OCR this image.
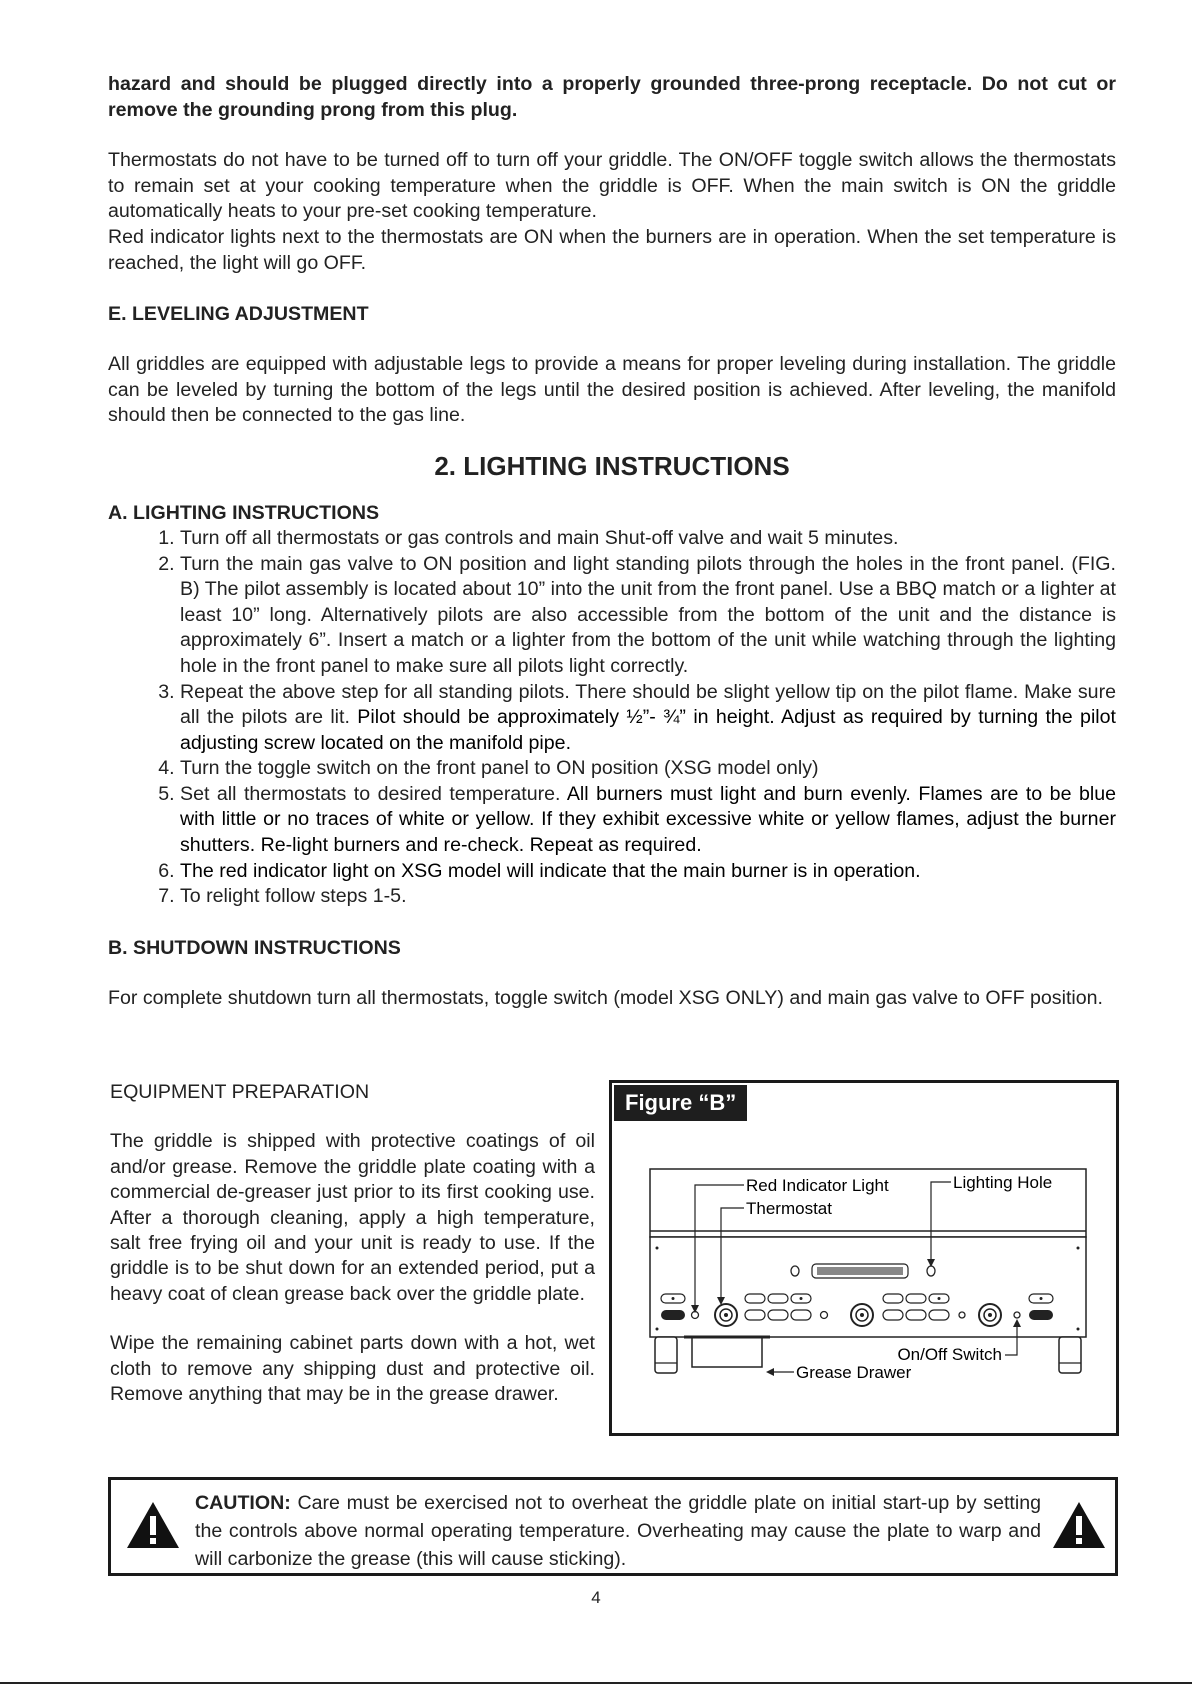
hazard and should be plugged directly into a properly grounded three-prong receptacle. Do not cut or remove the grounding prong from this plug.

Thermostats do not have to be turned off to turn off your griddle. The ON/OFF toggle switch allows the thermostats to remain set at your cooking temperature when the griddle is OFF. When the main switch is ON the griddle automatically heats to your pre-set cooking temperature.

Red indicator lights next to the thermostats are ON when the burners are in operation. When the set temperature is reached, the light will go OFF.

E. LEVELING ADJUSTMENT

All griddles are equipped with adjustable legs to provide a means for proper leveling during installation. The griddle can be leveled by turning the bottom of the legs until the desired position is achieved. After leveling, the manifold should then be connected to the gas line.

2. LIGHTING INSTRUCTIONS

A. LIGHTING INSTRUCTIONS

1. Turn off all thermostats or gas controls and main Shut-off valve and wait 5 minutes.
2. Turn the main gas valve to ON position and light standing pilots through the holes in the front panel. (FIG. B) The pilot assembly is located about 10” into the unit from the front panel. Use a BBQ match or a lighter at least 10” long. Alternatively pilots are also accessible from the bottom of the unit and the distance is approximately 6”. Insert a match or a lighter from the bottom of the unit while watching through the lighting hole in the front panel to make sure all pilots light correctly.
3. Repeat the above step for all standing pilots. There should be slight yellow tip on the pilot flame. Make sure all the pilots are lit. Pilot should be approximately ½”- ¾” in height. Adjust as required by turning the pilot adjusting screw located on the manifold pipe.
4. Turn the toggle switch on the front panel to ON position (XSG model only)
5. Set all thermostats to desired temperature. All burners must light and burn evenly. Flames are to be blue with little or no traces of white or yellow. If they exhibit excessive white or yellow flames, adjust the burner shutters. Re-light burners and re-check. Repeat as required.
6. The red indicator light on XSG model will indicate that the main burner is in operation.
7. To relight follow steps 1-5.

B. SHUTDOWN INSTRUCTIONS

For complete shutdown turn all thermostats, toggle switch (model XSG ONLY) and main gas valve to OFF position.

EQUIPMENT PREPARATION

The griddle is shipped with protective coatings of oil and/or grease. Remove the griddle plate coating with a commercial de-greaser just prior to its first cooking use. After a thorough cleaning, apply a high temperature, salt free frying oil and your unit is ready to use. If the griddle is to be shut down for an extended period, put a heavy coat of clean grease back over the griddle plate.

Wipe the remaining cabinet parts down with a hot, wet cloth to remove any shipping dust and protective oil. Remove anything that may be in the grease drawer.

Figure “B”
Red Indicator Light
Thermostat
Lighting Hole
On/Off Switch
Grease Drawer

CAUTION: Care must be exercised not to overheat the griddle plate on initial start-up by setting the controls above normal operating temperature. Overheating may cause the plate to warp and will carbonize the grease (this will cause sticking).

4
